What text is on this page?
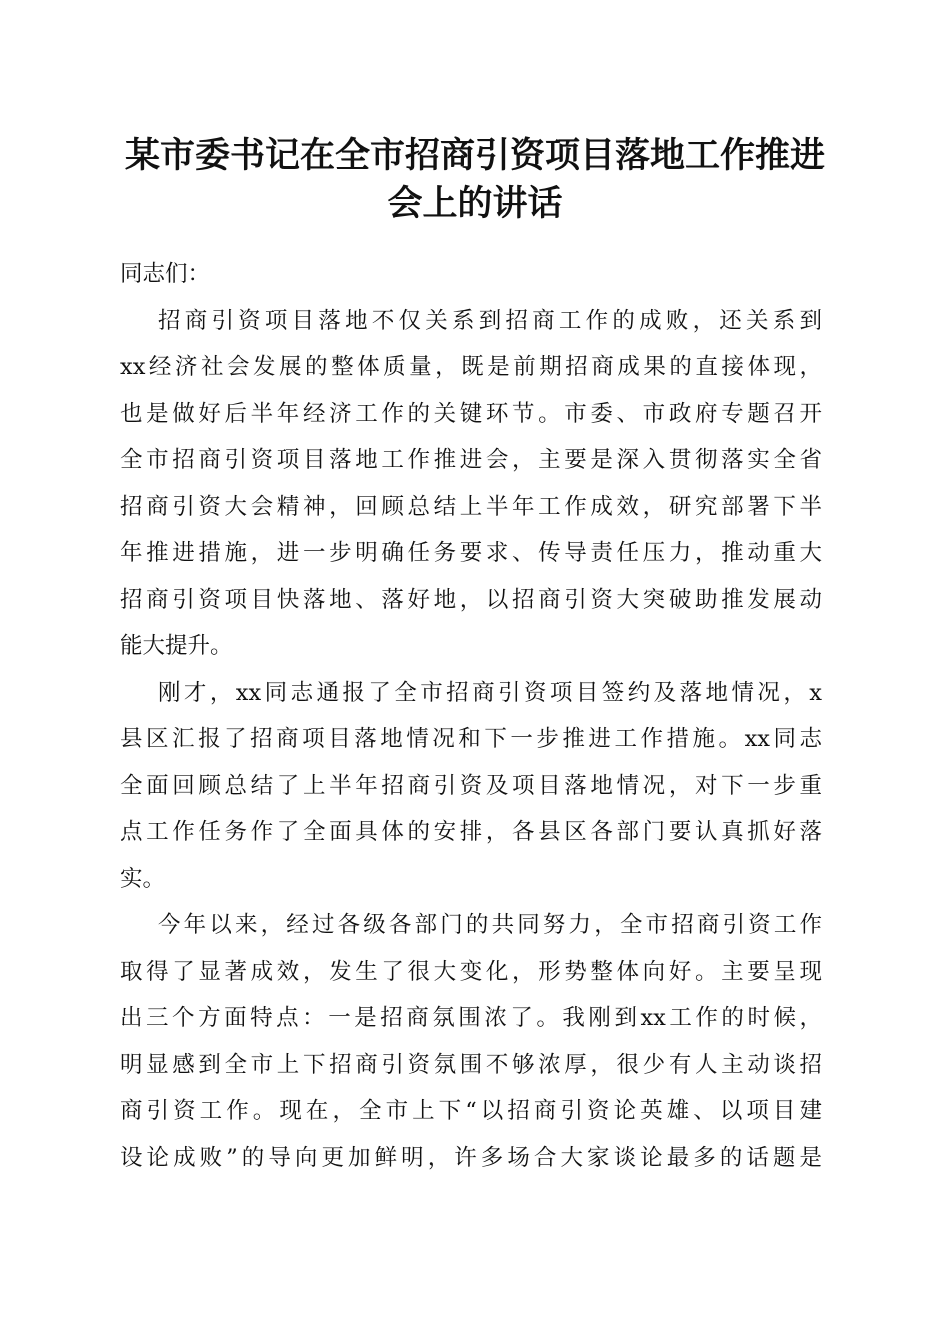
某市委书记在全市招商引资项目落地工作推进
会上的讲话

同志们：

招商引资项目落地不仅关系到招商工作的成败，还关系到
xx经济社会发展的整体质量，既是前期招商成果的直接体现，
也是做好后半年经济工作的关键环节。市委、市政府专题召开
全市招商引资项目落地工作推进会，主要是深入贯彻落实全省
招商引资大会精神，回顾总结上半年工作成效，研究部署下半
年推进措施，进一步明确任务要求、传导责任压力，推动重大
招商引资项目快落地、落好地，以招商引资大突破助推发展动
能大提升。

刚才，xx同志通报了全市招商引资项目签约及落地情况，x
县区汇报了招商项目落地情况和下一步推进工作措施。xx同志
全面回顾总结了上半年招商引资及项目落地情况，对下一步重
点工作任务作了全面具体的安排，各县区各部门要认真抓好落
实。

今年以来，经过各级各部门的共同努力，全市招商引资工作
取得了显著成效，发生了很大变化，形势整体向好。主要呈现
出三个方面特点：一是招商氛围浓了。我刚到xx工作的时候，
明显感到全市上下招商引资氛围不够浓厚，很少有人主动谈招
商引资工作。现在，全市上下“以招商引资论英雄、以项目建
设论成败”的导向更加鲜明，许多场合大家谈论最多的话题是
